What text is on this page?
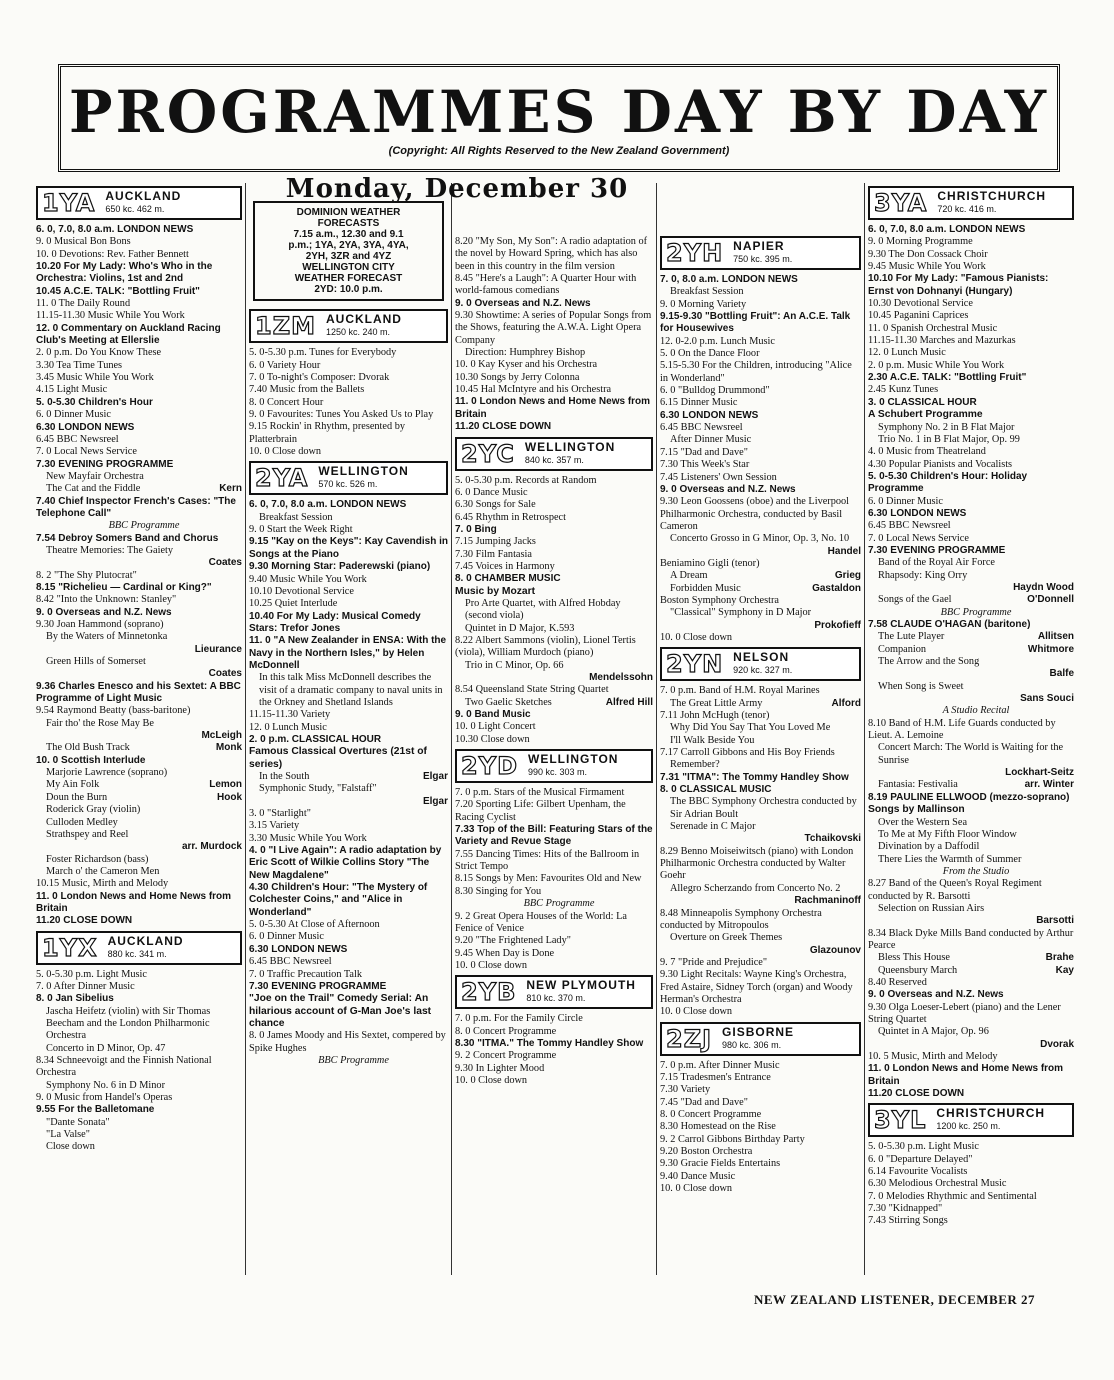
PROGRAMMES DAY BY DAY
(Copyright: All Rights Reserved to the New Zealand Government)
1YA AUCKLAND
650 kc. 462 m.
6. 0, 7.0, 8.0 a.m. LONDON NEWS
9. 0 Musical Bon Bons
10. 0 Devotions: Rev. Father Bennett
10.20 For My Lady: Who's Who in the Orchestra: Violins, 1st and 2nd
10.45 A.C.E. TALK: "Bottling Fruit"
11. 0 The Daily Round
11.15-11.30 Music While You Work
12. 0 Commentary on Auckland Racing Club's Meeting at Ellerslie
2. 0 p.m. Do You Know These
3.30 Tea Time Tunes
3.45 Music While You Work
4.15 Light Music
5. 0-5.30 Children's Hour
6. 0 Dinner Music
6.30 LONDON NEWS
6.45 BBC Newsreel
7. 0 Local News Service
7.30 EVENING PROGRAMME
New Mayfair Orchestra
Kern
The Cat and the Fiddle
7.40 Chief Inspector French's Cases: "The Telephone Call"
BBC Programme
7.54 Debroy Somers Band and Chorus
Theatre Memories: The Gaiety
Coates

8. 2 "The Shy Plutocrat"
8.15 "Richelieu — Cardinal or King?"
8.42 "Into the Unknown: Stanley"
9. 0 Overseas and N.Z. News
9.30 Joan Hammond (soprano)
By the Waters of Minnetonka
Lieurance

Green Hills of Somerset
Coates

9.36 Charles Enesco and his Sextet: A BBC Programme of Light Music
9.54 Raymond Beatty (bass-baritone)
Fair tho' the Rose May Be
McLeigh

Monk
The Old Bush Track
10. 0 Scottish Interlude
Marjorie Lawrence (soprano)
Lemon
My Ain Folk
Hook
Doun the Burn
Roderick Gray (violin)
Culloden Medley
Strathspey and Reel
arr. Murdock

Foster Richardson (bass)
March o' the Cameron Men
10.15 Music, Mirth and Melody
11. 0 London News and Home News from Britain
11.20 CLOSE DOWN
1YX AUCKLAND
880 kc. 341 m.
5. 0-5.30 p.m. Light Music
7. 0 After Dinner Music
8. 0 Jan Sibelius
Jascha Heifetz (violin) with Sir Thomas Beecham and the London Philharmonic Orchestra
Concerto in D Minor, Op. 47
8.34 Schneevoigt and the Finnish National Orchestra
Symphony No. 6 in D Minor
9. 0 Music from Handel's Operas
9.55 For the Balletomane
"Dante Sonata"
"La Valse"
Close down
Monday, December 30
DOMINION WEATHER
FORECASTS
7.15 a.m., 12.30 and 9.1
p.m.; 1YA, 2YA, 3YA, 4YA,
2YH, 3ZR and 4YZ
WELLINGTON CITY
WEATHER FORECAST
2YD: 10.0 p.m.
1ZM AUCKLAND
1250 kc. 240 m.
5. 0-5.30 p.m. Tunes for Everybody
6. 0 Variety Hour
7. 0 To-night's Composer: Dvorak
7.40 Music from the Ballets
8. 0 Concert Hour
9. 0 Favourites: Tunes You Asked Us to Play
9.15 Rockin' in Rhythm, presented by Platterbrain
10. 0 Close down
2YA WELLINGTON
570 kc. 526 m.
6. 0, 7.0, 8.0 a.m. LONDON NEWS
Breakfast Session
9. 0 Start the Week Right
9.15 "Kay on the Keys": Kay Cavendish in Songs at the Piano
9.30 Morning Star: Paderewski (piano)
9.40 Music While You Work
10.10 Devotional Service
10.25 Quiet Interlude
10.40 For My Lady: Musical Comedy Stars: Trefor Jones
11. 0 "A New Zealander in ENSA: With the Navy in the Northern Isles," by Helen McDonnell
In this talk Miss McDonnell describes the visit of a dramatic company to naval units in the Orkney and Shetland Islands
11.15-11.30 Variety
12. 0 Lunch Music
2. 0 p.m. CLASSICAL HOUR
Famous Classical Overtures (21st of series)
Elgar
In the South
Symphonic Study, "Falstaff"
Elgar

3. 0 "Starlight"
3.15 Variety
3.30 Music While You Work
4. 0 "I Live Again": A radio adaptation by Eric Scott of Wilkie Collins Story "The New Magdalene"
4.30 Children's Hour: "The Mystery of Colchester Coins," and "Alice in Wonderland"
5. 0-5.30 At Close of Afternoon
6. 0 Dinner Music
6.30 LONDON NEWS
6.45 BBC Newsreel
7. 0 Traffic Precaution Talk
7.30 EVENING PROGRAMME
"Joe on the Trail" Comedy Serial: An hilarious account of G-Man Joe's last chance
8. 0 James Moody and His Sextet, compered by Spike Hughes
BBC Programme
8.20 "My Son, My Son": A radio adaptation of the novel by Howard Spring, which has also been in this country in the film version
8.45 "Here's a Laugh": A Quarter Hour with world-famous comedians
9. 0 Overseas and N.Z. News
9.30 Showtime: A series of Popular Songs from the Shows, featuring the A.W.A. Light Opera Company
Direction: Humphrey Bishop
10. 0 Kay Kyser and his Orchestra
10.30 Songs by Jerry Colonna
10.45 Hal McIntyre and his Orchestra
11. 0 London News and Home News from Britain
11.20 CLOSE DOWN
2YC WELLINGTON
840 kc. 357 m.
5. 0-5.30 p.m. Records at Random
6. 0 Dance Music
6.30 Songs for Sale
6.45 Rhythm in Retrospect
7. 0 Bing
7.15 Jumping Jacks
7.30 Film Fantasia
7.45 Voices in Harmony
8. 0 CHAMBER MUSIC
Music by Mozart
Pro Arte Quartet, with Alfred Hobday (second viola)
Quintet in D Major, K.593
8.22 Albert Sammons (violin), Lionel Tertis (viola), William Murdoch (piano)
Trio in C Minor, Op. 66
Mendelssohn

8.54 Queensland State String Quartet
Alfred Hill
Two Gaelic Sketches
9. 0 Band Music
10. 0 Light Concert
10.30 Close down
2YD WELLINGTON
990 kc. 303 m.
7. 0 p.m. Stars of the Musical Firmament
7.20 Sporting Life: Gilbert Upenham, the Racing Cyclist
7.33 Top of the Bill: Featuring Stars of the Variety and Revue Stage
7.55 Dancing Times: Hits of the Ballroom in Strict Tempo
8.15 Songs by Men: Favourites Old and New
8.30 Singing for You
BBC Programme
9. 2 Great Opera Houses of the World: La Fenice of Venice
9.20 "The Frightened Lady"
9.45 When Day is Done
10. 0 Close down
2YB NEW PLYMOUTH
810 kc. 370 m.
7. 0 p.m. For the Family Circle
8. 0 Concert Programme
8.30 "ITMA." The Tommy Handley Show
9. 2 Concert Programme
9.30 In Lighter Mood
10. 0 Close down
2YH NAPIER
750 kc. 395 m.
7. 0, 8.0 a.m. LONDON NEWS
Breakfast Session
9. 0 Morning Variety
9.15-9.30 "Bottling Fruit": An A.C.E. Talk for Housewives
12. 0-2.0 p.m. Lunch Music
5. 0 On the Dance Floor
5.15-5.30 For the Children, introducing "Alice in Wonderland"
6. 0 "Bulldog Drummond"
6.15 Dinner Music
6.30 LONDON NEWS
6.45 BBC Newsreel
After Dinner Music
7.15 "Dad and Dave"
7.30 This Week's Star
7.45 Listeners' Own Session
9. 0 Overseas and N.Z. News
9.30 Leon Goossens (oboe) and the Liverpool Philharmonic Orchestra, conducted by Basil Cameron
Concerto Grosso in G Minor, Op. 3, No. 10
Handel

Beniamino Gigli (tenor)
Grieg
A Dream
Gastaldon
Forbidden Music
Boston Symphony Orchestra
"Classical" Symphony in D Major
Prokofieff

10. 0 Close down
2YN NELSON
920 kc. 327 m.
7. 0 p.m. Band of H.M. Royal Marines
Alford
The Great Little Army
7.11 John McHugh (tenor)
Why Did You Say That You Loved Me
I'll Walk Beside You
7.17 Carroll Gibbons and His Boy Friends
Remember?
7.31 "ITMA": The Tommy Handley Show
8. 0 CLASSICAL MUSIC
The BBC Symphony Orchestra conducted by Sir Adrian Boult
Serenade in C Major
Tchaikovski

8.29 Benno Moiseiwitsch (piano) with London Philharmonic Orchestra conducted by Walter Goehr
Allegro Scherzando from Concerto No. 2
Rachmaninoff

8.48 Minneapolis Symphony Orchestra conducted by Mitropoulos
Overture on Greek Themes
Glazounov

9. 7 "Pride and Prejudice"
9.30 Light Recitals: Wayne King's Orchestra, Fred Astaire, Sidney Torch (organ) and Woody Herman's Orchestra
10. 0 Close down
2ZJ GISBORNE
980 kc. 306 m.
7. 0 p.m. After Dinner Music
7.15 Tradesmen's Entrance
7.30 Variety
7.45 "Dad and Dave"
8. 0 Concert Programme
8.30 Homestead on the Rise
9. 2 Carrol Gibbons Birthday Party
9.20 Boston Orchestra
9.30 Gracie Fields Entertains
9.40 Dance Music
10. 0 Close down
3YA CHRISTCHURCH
720 kc. 416 m.
6. 0, 7.0, 8.0 a.m. LONDON NEWS
9. 0 Morning Programme
9.30 The Don Cossack Choir
9.45 Music While You Work
10.10 For My Lady: "Famous Pianists: Ernst von Dohnanyi (Hungary)
10.30 Devotional Service
10.45 Paganini Caprices
11. 0 Spanish Orchestral Music
11.15-11.30 Marches and Mazurkas
12. 0 Lunch Music
2. 0 p.m. Music While You Work
2.30 A.C.E. TALK: "Bottling Fruit"
2.45 Kunz Tunes
3. 0 CLASSICAL HOUR
A Schubert Programme
Symphony No. 2 in B Flat Major
Trio No. 1 in B Flat Major, Op. 99
4. 0 Music from Theatreland
4.30 Popular Pianists and Vocalists
5. 0-5.30 Children's Hour: Holiday Programme
6. 0 Dinner Music
6.30 LONDON NEWS
6.45 BBC Newsreel
7. 0 Local News Service
7.30 EVENING PROGRAMME
Band of the Royal Air Force
Rhapsody: King Orry
Haydn Wood

O'Donnell
Songs of the Gael
BBC Programme
7.58 CLAUDE O'HAGAN (baritone)
Allitsen
The Lute Player
Whitmore
Companion
The Arrow and the Song
Balfe

When Song is Sweet
Sans Souci

A Studio Recital
8.10 Band of H.M. Life Guards conducted by Lieut. A. Lemoine
Concert March: The World is Waiting for the Sunrise
Lockhart-Seitz

arr. Winter
Fantasia: Festivalia
8.19 PAULINE ELLWOOD (mezzo-soprano)
Songs by Mallinson
Over the Western Sea
To Me at My Fifth Floor Window
Divination by a Daffodil
There Lies the Warmth of Summer
From the Studio
8.27 Band of the Queen's Royal Regiment conducted by R. Barsotti
Selection on Russian Airs
Barsotti

8.34 Black Dyke Mills Band conducted by Arthur Pearce
Brahe
Bless This House
Kay
Queensbury March
8.40 Reserved
9. 0 Overseas and N.Z. News
9.30 Olga Loeser-Lebert (piano) and the Lener String Quartet
Quintet in A Major, Op. 96
Dvorak

10. 5 Music, Mirth and Melody
11. 0 London News and Home News from Britain
11.20 CLOSE DOWN
3YL CHRISTCHURCH
1200 kc. 250 m.
5. 0-5.30 p.m. Light Music
6. 0 "Departure Delayed"
6.14 Favourite Vocalists
6.30 Melodious Orchestral Music
7. 0 Melodies Rhythmic and Sentimental
7.30 "Kidnapped"
7.43 Stirring Songs
NEW ZEALAND LISTENER, DECEMBER 27
